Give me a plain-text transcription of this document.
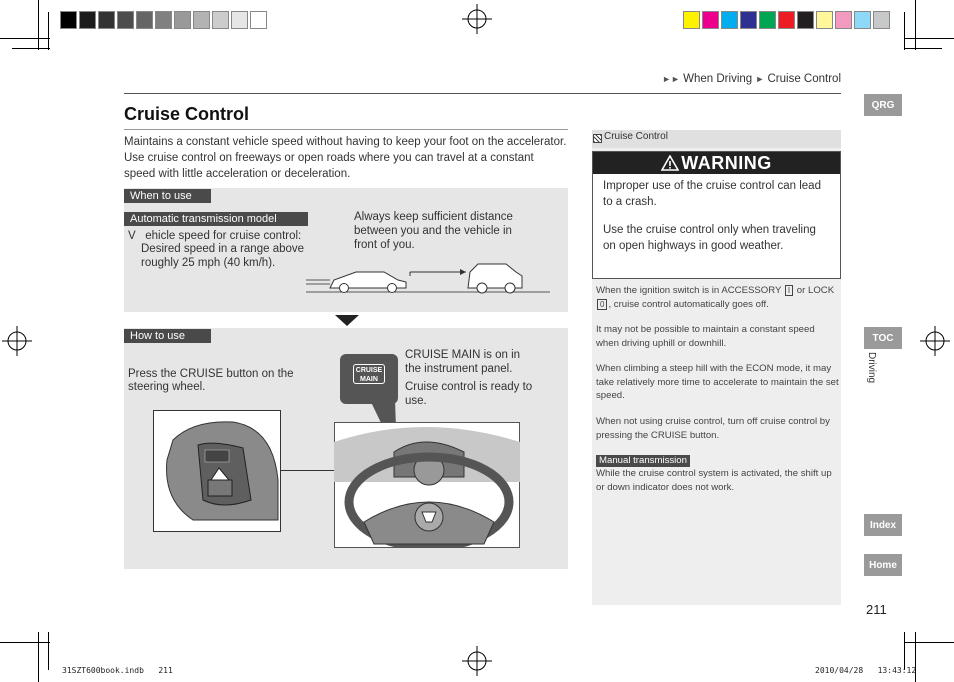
►► When Driving ► Cruise Control
Cruise Control
Maintains a constant vehicle speed without having to keep your foot on the accelerator. Use cruise control on freeways or open roads where you can travel at a constant speed with little acceleration or deceleration.
When to use
Automatic transmission model
V ehicle speed for cruise control:
Desired speed in a range above roughly 25 mph (40 km/h).
Always keep sufficient distance between you and the vehicle in front of you.
How to use
Press the CRUISE button on the steering wheel.
CRUISE MAIN
CRUISE MAIN is on in the instrument panel.
Cruise control is ready to use.
Cruise Control
WARNING
Improper use of the cruise control can lead to a crash.
Use the cruise control only when traveling on open highways in good weather.
When the ignition switch is in ACCESSORY I or LOCK 0 , cruise control automatically goes off.
It may not be possible to maintain a constant speed when driving uphill or downhill.
When climbing a steep hill with the ECON mode, it may take relatively more time to accelerate to maintain the set speed.
When not using cruise control, turn off cruise control by pressing the CRUISE button.
Manual transmission
While the cruise control system is activated, the shift up or down indicator does not work.
QRG
TOC
Driving
Index
Home
211
31SZT600book.indb   211	2010/04/28   13:43:12
